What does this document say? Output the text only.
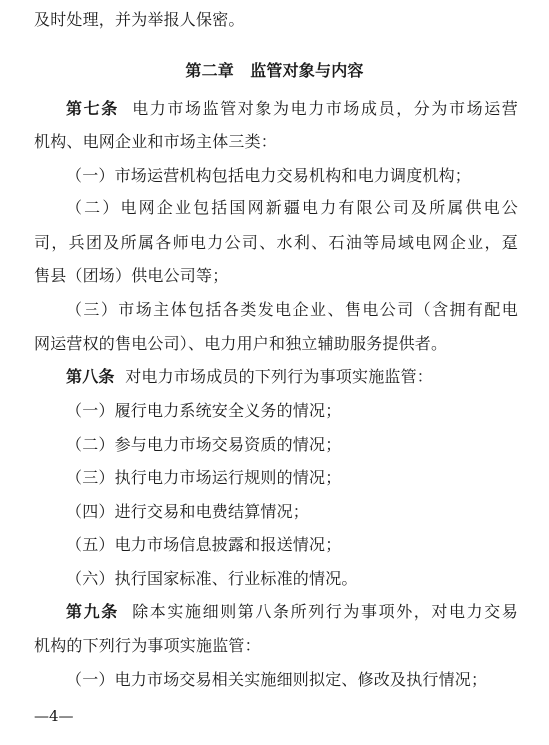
及时处理，并为举报人保密。
第二章　监管对象与内容
第七条 电力市场监管对象为电力市场成员，分为市场运营
机构、电网企业和市场主体三类：
（一）市场运营机构包括电力交易机构和电力调度机构；
（二）电网企业包括国网新疆电力有限公司及所属供电公
司，兵团及所属各师电力公司、水利、石油等局域电网企业，趸
售县（团场）供电公司等；
（三）市场主体包括各类发电企业、售电公司（含拥有配电
网运营权的售电公司）、电力用户和独立辅助服务提供者。
第八条 对电力市场成员的下列行为事项实施监管：
（一）履行电力系统安全义务的情况；
（二）参与电力市场交易资质的情况；
（三）执行电力市场运行规则的情况；
（四）进行交易和电费结算情况；
（五）电力市场信息披露和报送情况；
（六）执行国家标准、行业标准的情况。
第九条 除本实施细则第八条所列行为事项外，对电力交易
机构的下列行为事项实施监管：
（一）电力市场交易相关实施细则拟定、修改及执行情况；
—4—
